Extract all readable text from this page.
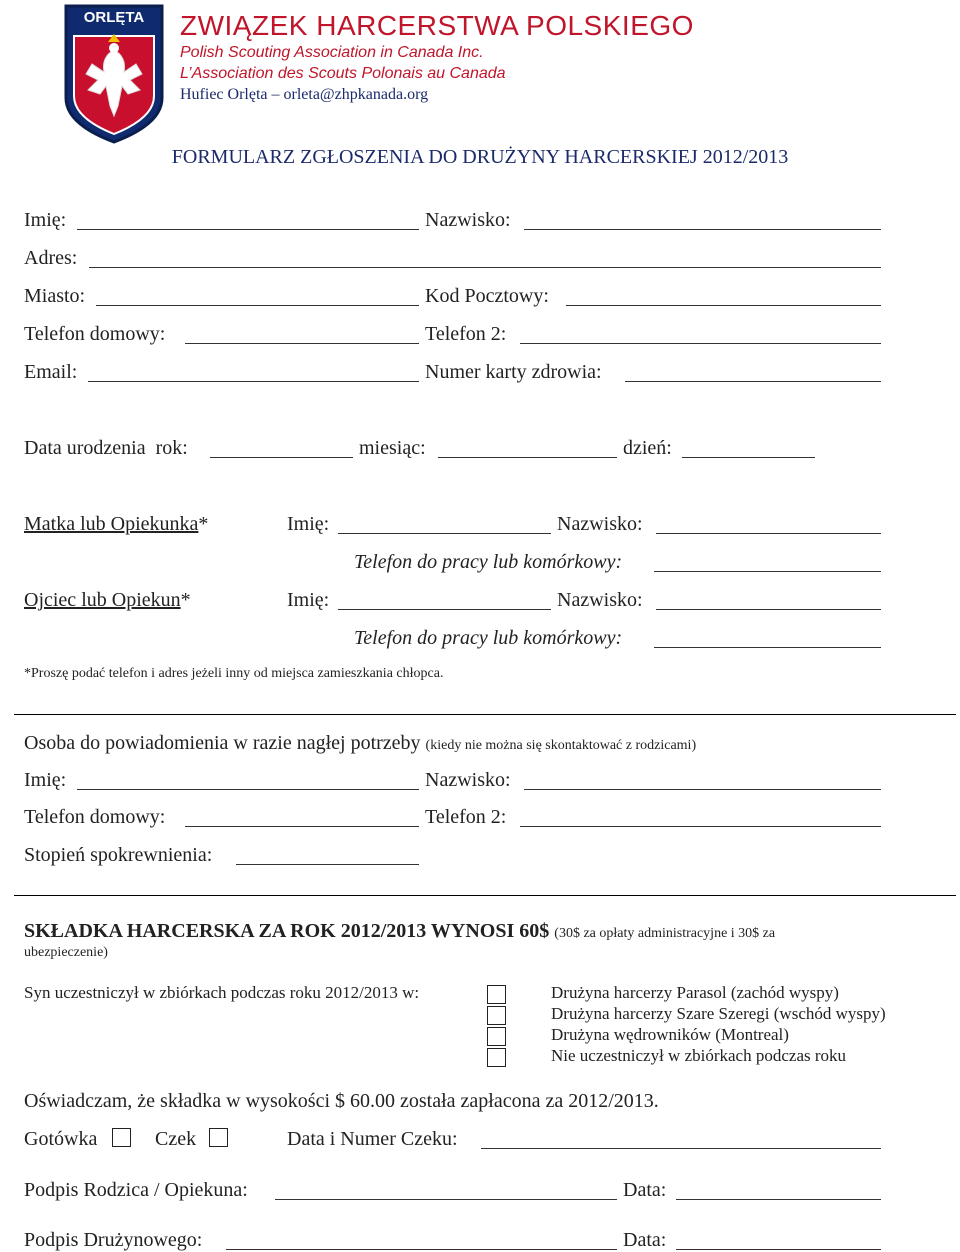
ORLĘTA ZWIĄZEK HARCERSTWA POLSKIEGO
Polish Scouting Association in Canada Inc.
L’Association des Scouts Polonais au Canada
Hufiec Orlęta – orleta@zhpkanada.org
FORMULARZ ZGŁOSZENIA DO DRUŻYNY HARCERSKIEJ 2012/2013
Imię:	Nazwisko:
Adres:
Miasto:	Kod Pocztowy:
Telefon domowy:	Telefon 2:
Email:	Numer karty zdrowia:
Data urodzenia  rok:	miesiąc:	dzień:
Matka lub Opiekunka*	Imię:	Nazwisko:
Telefon do pracy lub komórkowy:
Ojciec lub Opiekun*	Imię:	Nazwisko:
Telefon do pracy lub komórkowy:
*Proszę podać telefon i adres jeżeli inny od miejsca zamieszkania chłopca.
Osoba do powiadomienia w razie nagłej potrzeby (kiedy nie można się skontaktować z rodzicami)
Imię:	Nazwisko:
Telefon domowy:	Telefon 2:
Stopień spokrewnienia:
SKŁADKA HARCERSKA ZA ROK 2012/2013 WYNOSI 60$ (30$ za opłaty administracyjne i 30$ za
ubezpieczenie)
Syn uczestniczył w zbiórkach podczas roku 2012/2013 w:	Drużyna harcerzy Parasol (zachód wyspy)
Drużyna harcerzy Szare Szeregi (wschód wyspy)
Drużyna wędrowników (Montreal)
Nie uczestniczył w zbiórkach podczas roku
Oświadczam, że składka w wysokości $ 60.00 została zapłacona za 2012/2013.
Gotówka	Czek	Data i Numer Czeku:
Podpis Rodzica / Opiekuna:	Data:
Podpis Drużynowego:	Data:
